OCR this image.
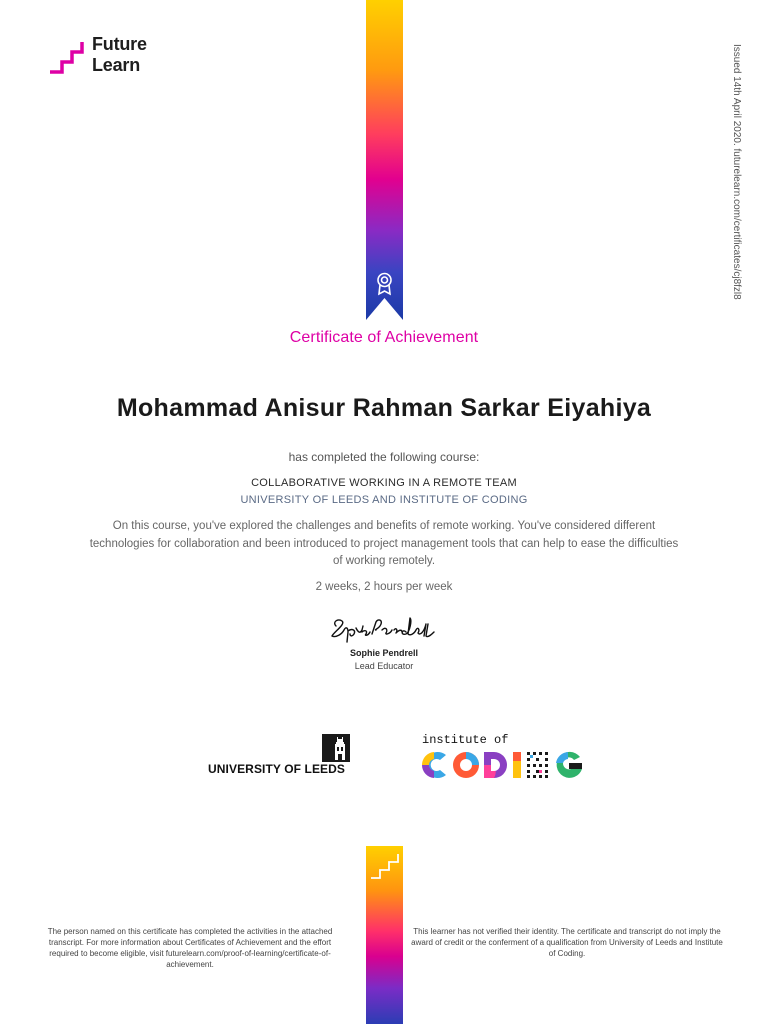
Future
Learn	Issued 14th April 2020. futurelearn.com/certificates/cj8fzl8
Certificate of Achievement
Mohammad Anisur Rahman Sarkar Eiyahiya
has completed the following course:
COLLABORATIVE WORKING IN A REMOTE TEAM
UNIVERSITY OF LEEDS AND INSTITUTE OF CODING
On this course, you've explored the challenges and benefits of remote working. You've considered different technologies for collaboration and been introduced to project management tools that can help to ease the difficulties of working remotely.
2 weeks, 2 hours per week
Sophie Pendrell
Lead Educator
UNIVERSITY OF LEEDS
institute of
The person named on this certificate has completed the activities in the attached transcript. For more information about Certificates of Achievement and the effort required to become eligible, visit futurelearn.com/proof-of-learning/certificate-of-achievement.
This learner has not verified their identity. The certificate and transcript do not imply the award of credit or the conferment of a qualification from University of Leeds and Institute of Coding.
